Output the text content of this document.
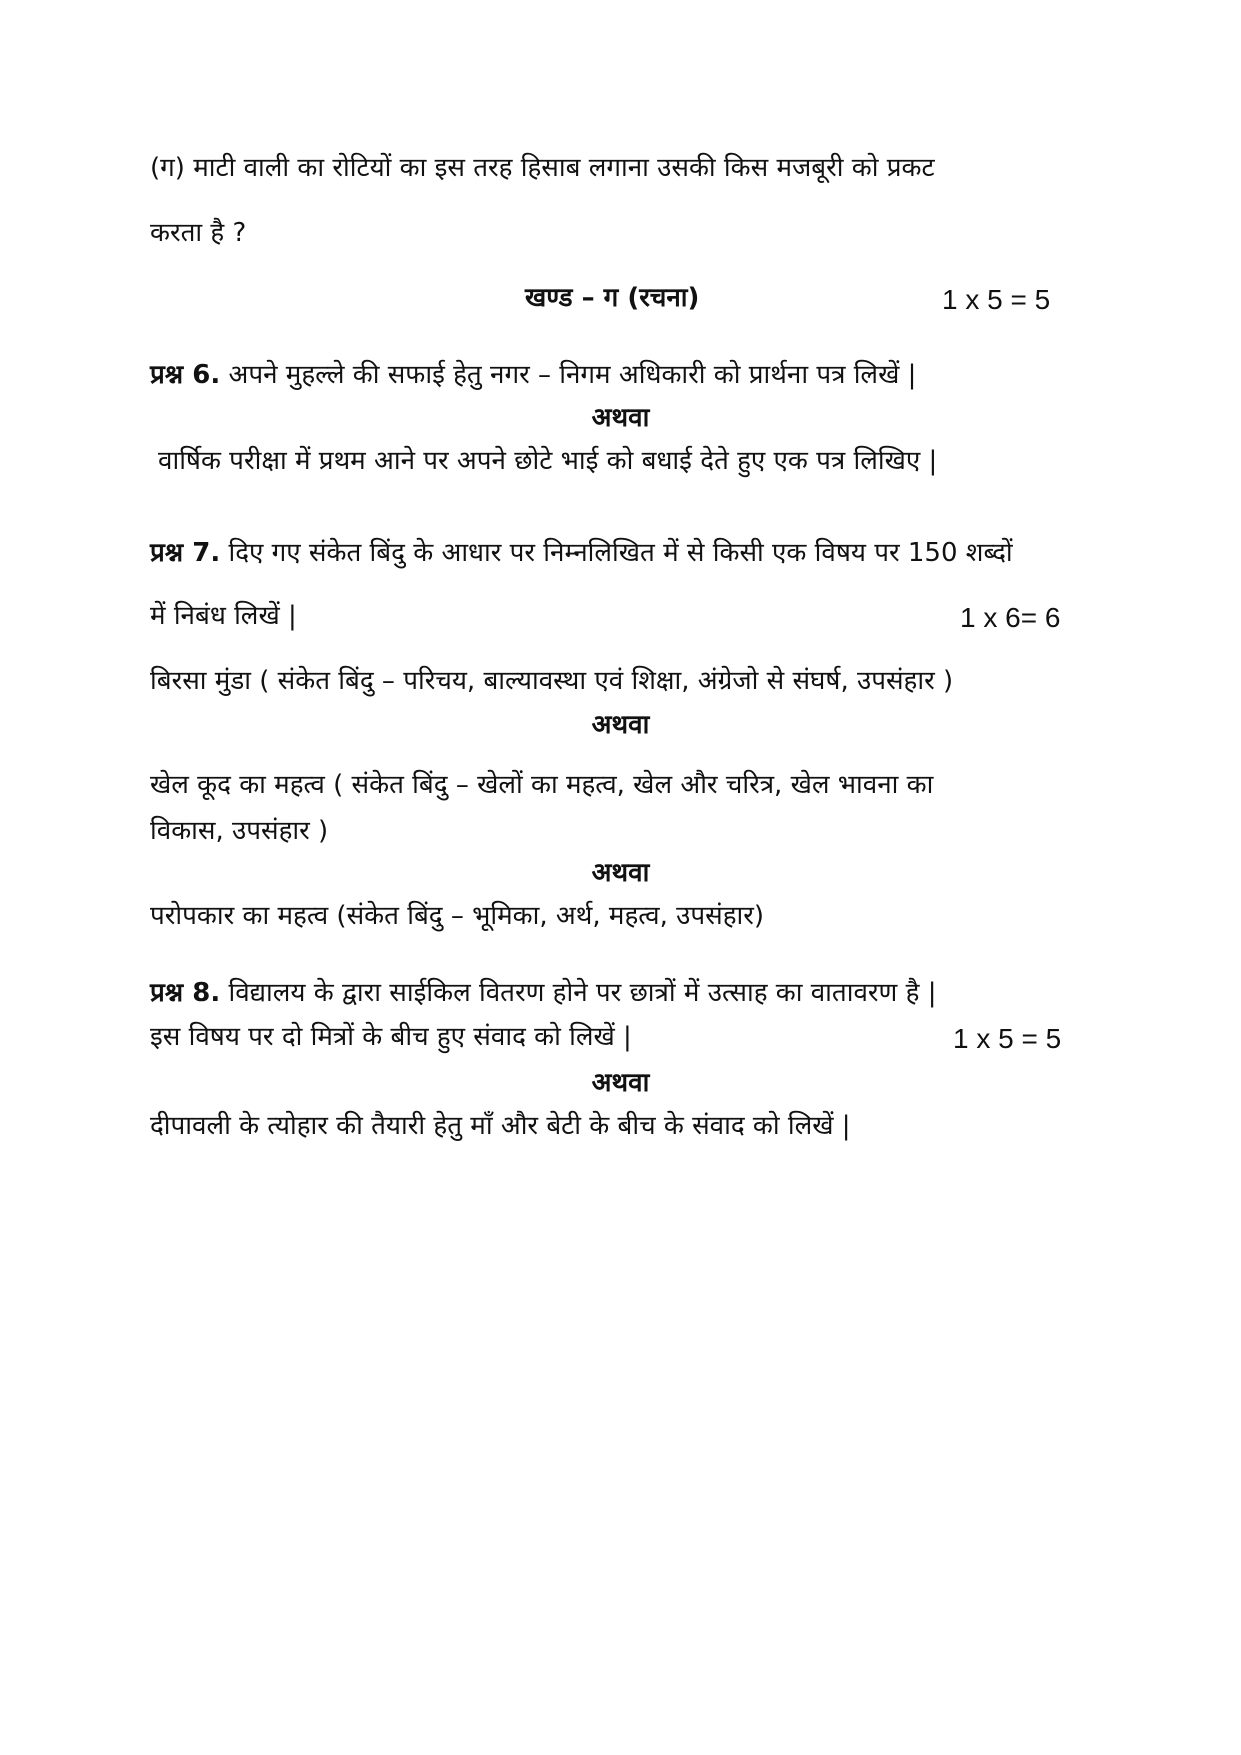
(ग) माटी वाली का रोटियों का इस तरह हिसाब लगाना उसकी किस मजबूरी को प्रकट
करता है ?
खण्ड – ग (रचना)	1 x 5 = 5
प्रश्न 6. अपने मुहल्ले की सफाई हेतु नगर – निगम अधिकारी को प्रार्थना पत्र लिखें |
अथवा
वार्षिक परीक्षा में प्रथम आने पर अपने छोटे भाई को बधाई देते हुए एक पत्र लिखिए |
प्रश्न 7. दिए गए संकेत बिंदु के आधार पर निम्नलिखित में से किसी एक विषय पर 150 शब्दों
में निबंध लिखें |	1 x 6= 6
बिरसा मुंडा ( संकेत बिंदु – परिचय, बाल्यावस्था एवं शिक्षा, अंग्रेजो से संघर्ष, उपसंहार )
अथवा
खेल कूद का महत्व ( संकेत बिंदु – खेलों का महत्व, खेल और चरित्र, खेल भावना का
विकास, उपसंहार )
अथवा
परोपकार का महत्व (संकेत बिंदु – भूमिका, अर्थ, महत्व, उपसंहार)
प्रश्न 8. विद्यालय के द्वारा साईकिल वितरण होने पर छात्रों में उत्साह का वातावरण है |
इस विषय पर दो मित्रों के बीच हुए संवाद को लिखें |	1 x 5 = 5
अथवा
दीपावली के त्योहार की तैयारी हेतु माँ और बेटी के बीच के संवाद को लिखें |
